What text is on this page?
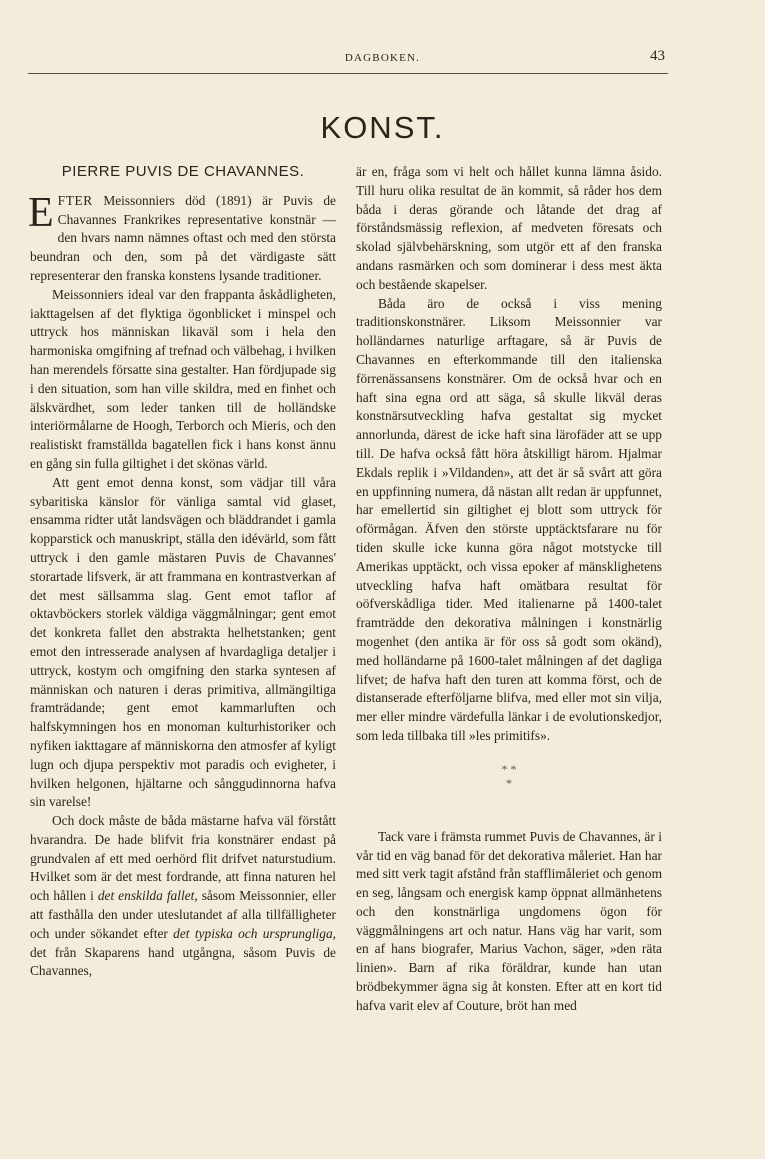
DAGBOKEN.	43
KONST.
PIERRE PUVIS DE CHAVANNES.

EFTER Meissonniers död (1891) är Puvis de Chavannes Frankrikes representative konstnär — den hvars namn nämnes oftast och med den största beundran och den, som på det värdigaste sätt representerar den franska konstens lysande traditioner.

Meissonniers ideal var den frappanta åskådligheten, iakttagelsen af det flyktiga ögonblicket i minspel och uttryck hos människan likaväl som i hela den harmoniska omgifning af trefnad och välbehag, i hvilken han merendels försatte sina gestalter. Han fördjupade sig i den situation, som han ville skildra, med en finhet och älskvärdhet, som leder tanken till de holländske interiörmålarne de Hoogh, Terborch och Mieris, och den realistiskt framställda bagatellen fick i hans konst ännu en gång sin fulla giltighet i det skönas värld.

Att gent emot denna konst, som vädjar till våra sybaritiska känslor för vänliga samtal vid glaset, ensamma ridter utåt landsvägen och bläddrandet i gamla kopparstick och manuskript, ställa den idévärld, som fått uttryck i den gamle mästaren Puvis de Chavannes' storartade lifsverk, är att frammana en kontrastverkan af det mest sällsamma slag. Gent emot taflor af oktavböckers storlek väldiga väggmålningar; gent emot det konkreta fallet den abstrakta helhetstanken; gent emot den intresserade analysen af hvardagliga detaljer i uttryck, kostym och omgifning den starka syntesen af människan och naturen i deras primitiva, allmängiltiga framträdande; gent emot kammarluften och halfskymningen hos en monoman kulturhistoriker och nyfiken iakttagare af människorna den atmosfer af kyligt lugn och djupa perspektiv mot paradis och evigheter, i hvilken helgonen, hjältarne och sånggudinnorna hafva sin varelse!

Och dock måste de båda mästarne hafva väl förstått hvarandra. De hade blifvit fria konstnärer endast på grundvalen af ett med oerhörd flit drifvet naturstudium. Hvilket som är det mest fordrande, att finna naturen hel och hållen i det enskilda fallet, såsom Meissonnier, eller att fasthålla den under uteslutandet af alla tillfälligheter och under sökandet efter det typiska och ursprungliga, det från Skaparens hand utgångna, såsom Puvis de Chavannes,

är en, fråga som vi helt och hållet kunna lämna åsido. Till huru olika resultat de än kommit, så råder hos dem båda i deras görande och låtande det drag af förståndsmässig reflexion, af medveten föresats och skolad självbehärskning, som utgör ett af den franska andans rasmärken och som dominerar i dess mest äkta och bestående skapelser.

Båda äro de också i viss mening traditionskonstnärer. Liksom Meissonnier var holländarnes naturlige arftagare, så är Puvis de Chavannes en efterkommande till den italienska förrenässansens konstnärer. Om de också hvar och en haft sina egna ord att säga, så skulle likväl deras konstnärsutveckling hafva gestaltat sig mycket annorlunda, därest de icke haft sina lärofäder att se upp till. De hafva också fått höra åtskilligt härom. Hjalmar Ekdals replik i »Vildanden», att det är så svårt att göra en uppfinning numera, då nästan allt redan är uppfunnet, har emellertid sin giltighet ej blott som uttryck för oförmågan. Äfven den störste upptäcktsfarare nu för tiden skulle icke kunna göra något motstycke till Amerikas upptäckt, och vissa epoker af mänsklighetens utveckling hafva haft omätbara resultat för oöfverskådliga tider. Med italienarne på 1400-talet framträdde den dekorativa målningen i konstnärlig mogenhet (den antika är för oss så godt som okänd), med holländarne på 1600-talet målningen af det dagliga lifvet; de hafva haft den turen att komma först, och de distanserade efterföljarne blifva, med eller mot sin vilja, mer eller mindre värdefulla länkar i de evolutionskedjor, som leda tillbaka till »les primitifs».

* *
*

Tack vare i främsta rummet Puvis de Chavannes, är i vår tid en väg banad för det dekorativa måleriet. Han har med sitt verk tagit afstånd från stafflimåleriet och genom en seg, långsam och energisk kamp öppnat allmänhetens och den konstnärliga ungdomens ögon för väggmålningens art och natur. Hans väg har varit, som en af hans biografer, Marius Vachon, säger, »den räta linien». Barn af rika föräldrar, kunde han utan brödbekymmer ägna sig åt konsten. Efter att en kort tid hafva varit elev af Couture, bröt han med
